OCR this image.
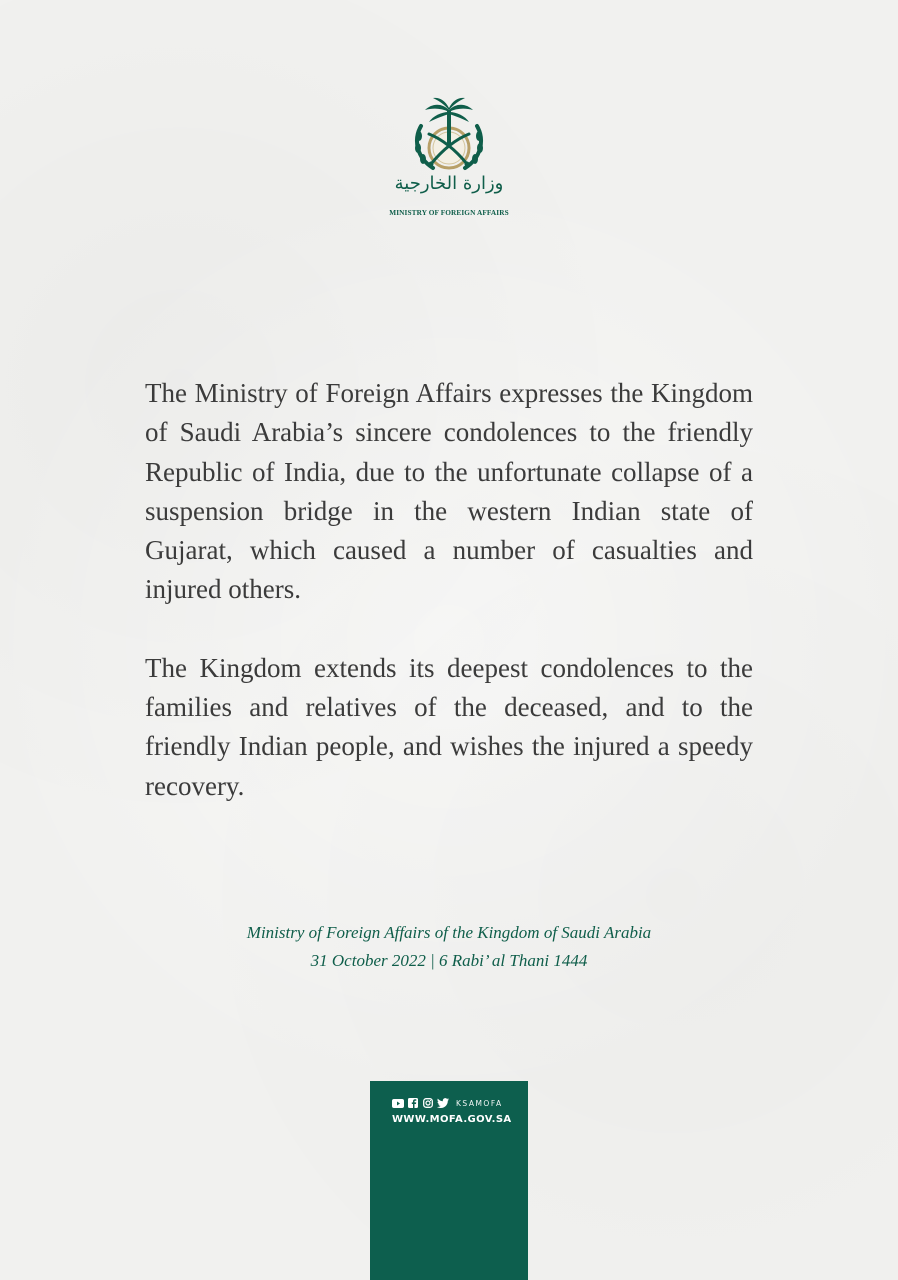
وزارة الخارجية
MINISTRY OF FOREIGN AFFAIRS

The Ministry of Foreign Affairs expresses the Kingdom of Saudi Arabia’s sincere condolences to the friendly Republic of India, due to the unfortunate collapse of a suspension bridge in the western Indian state of Gujarat, which caused a number of casualties and injured others.

The Kingdom extends its deepest condolences to the families and relatives of the deceased, and to the friendly Indian people, and wishes the injured a speedy recovery.

Ministry of Foreign Affairs of the Kingdom of Saudi Arabia
31 October 2022 | 6 Rabi’ al Thani 1444
KSAMOFA
WWW.MOFA.GOV.SA
